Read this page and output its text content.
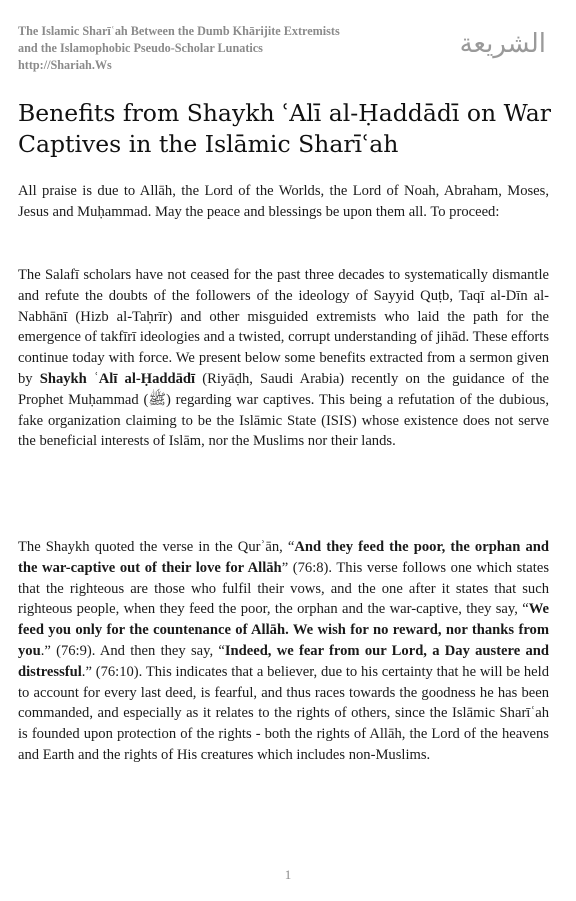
The Islamic Sharīʿah Between the Dumb Khārijite Extremists
and the Islamophobic Pseudo-Scholar Lunatics
http://Shariah.Ws
الشريعة
Benefits from Shaykh ʿAlī al-Ḥaddādī on War Captives in the Islāmic Sharīʿah

All praise is due to Allāh, the Lord of the Worlds, the Lord of Noah, Abraham, Moses, Jesus and Muḥammad. May the peace and blessings be upon them all. To proceed:

The Salafī scholars have not ceased for the past three decades to systematically dismantle and refute the doubts of the followers of the ideology of Sayyid Quṭb, Taqī al-Dīn al-Nabhānī (Hizb al-Taḥrīr) and other misguided extremists who laid the path for the emergence of takfīrī ideologies and a twisted, corrupt understanding of jihād. These efforts continue today with force. We present below some benefits extracted from a sermon given by Shaykh ʿAlī al-Ḥaddādī (Riyāḍh, Saudi Arabia) recently on the guidance of the Prophet Muḥammad (ﷺ) regarding war captives. This being a refutation of the dubious, fake organization claiming to be the Islāmic State (ISIS) whose existence does not serve the beneficial interests of Islām, nor the Muslims nor their lands.

The Shaykh quoted the verse in the Qurʾān, “And they feed the poor, the orphan and the war-captive out of their love for Allāh” (76:8). This verse follows one which states that the righteous are those who fulfil their vows, and the one after it states that such righteous people, when they feed the poor, the orphan and the war-captive, they say, “We feed you only for the countenance of Allāh. We wish for no reward, nor thanks from you.” (76:9). And then they say, “Indeed, we fear from our Lord, a Day austere and distressful.” (76:10). This indicates that a believer, due to his certainty that he will be held to account for every last deed, is fearful, and thus races towards the goodness he has been commanded, and especially as it relates to the rights of others, since the Islāmic Sharīʿah is founded upon protection of the rights - both the rights of Allāh, the Lord of the heavens and Earth and the rights of His creatures which includes non-Muslims.

1
